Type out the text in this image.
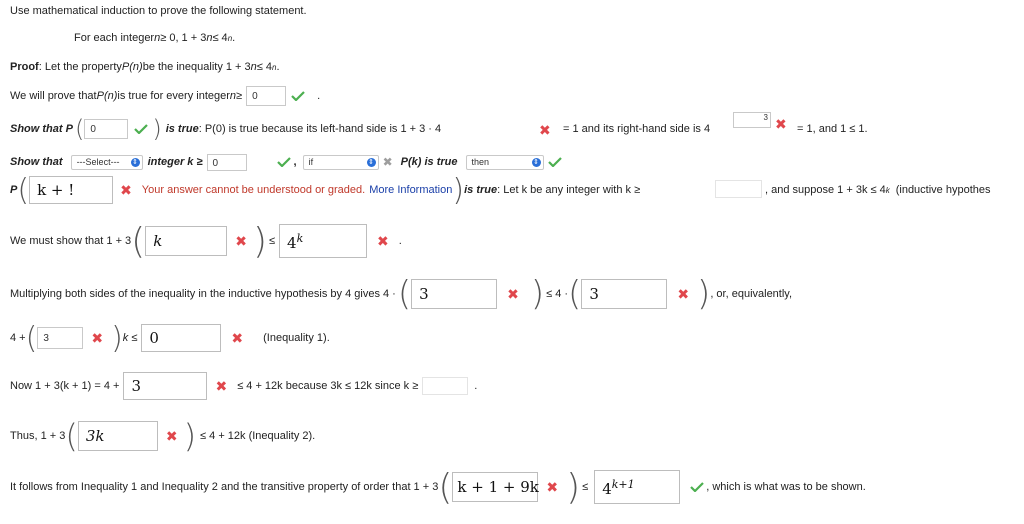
Use mathematical induction to prove the following statement.
For each integer n ≥ 0, 1 + 3 n ≤ 4 n .
Proof : Let the property P (n) be the inequality 1 + 3 n ≤ 4 n .
We will prove that P (n) is true for every integer n ≥	0	.
Show that P ( 0	) is true : P(0) is true because its left-hand side is 1 + 3 · 4	✖ = 1 and its right-hand side is 4
3 ✖ = 1, and 1 ≤ 1.
Show that ---Select--- ⇕ integer k ≥	0	, if	⇕ ✖ P(k) is true then	⇕
P ( k + !	✖ Your answer cannot be understood or graded. More Information ) is true : Let k be any integer with k ≥	, and suppose 1 + 3k ≤ 4 k (inductive hypothes
We must show that 1 + 3 ( k	✖ ) ≤ $4^k$	✖ .
Multiplying both sides of the inequality in the inductive hypothesis by 4 gives 4 · ( 3	✖ ) ≤ 4 · ( 3	✖ ) , or, equivalently,
4 + ( 3	✖ ) k ≤ 0	✖ (Inequality 1).
Now 1 + 3(k + 1) = 4 + 3	✖ ≤ 4 + 12k because 3k ≤ 12k since k ≥	.
Thus, 1 + 3 ( 3k	✖ ) ≤ 4 + 12k (Inequality 2).
It follows from Inequality 1 and Inequality 2 and the transitive property of order that 1 + 3 ( k + 1 + 9k ✖ ) ≤ $4^{k+1}$	, which is what was to be shown.
